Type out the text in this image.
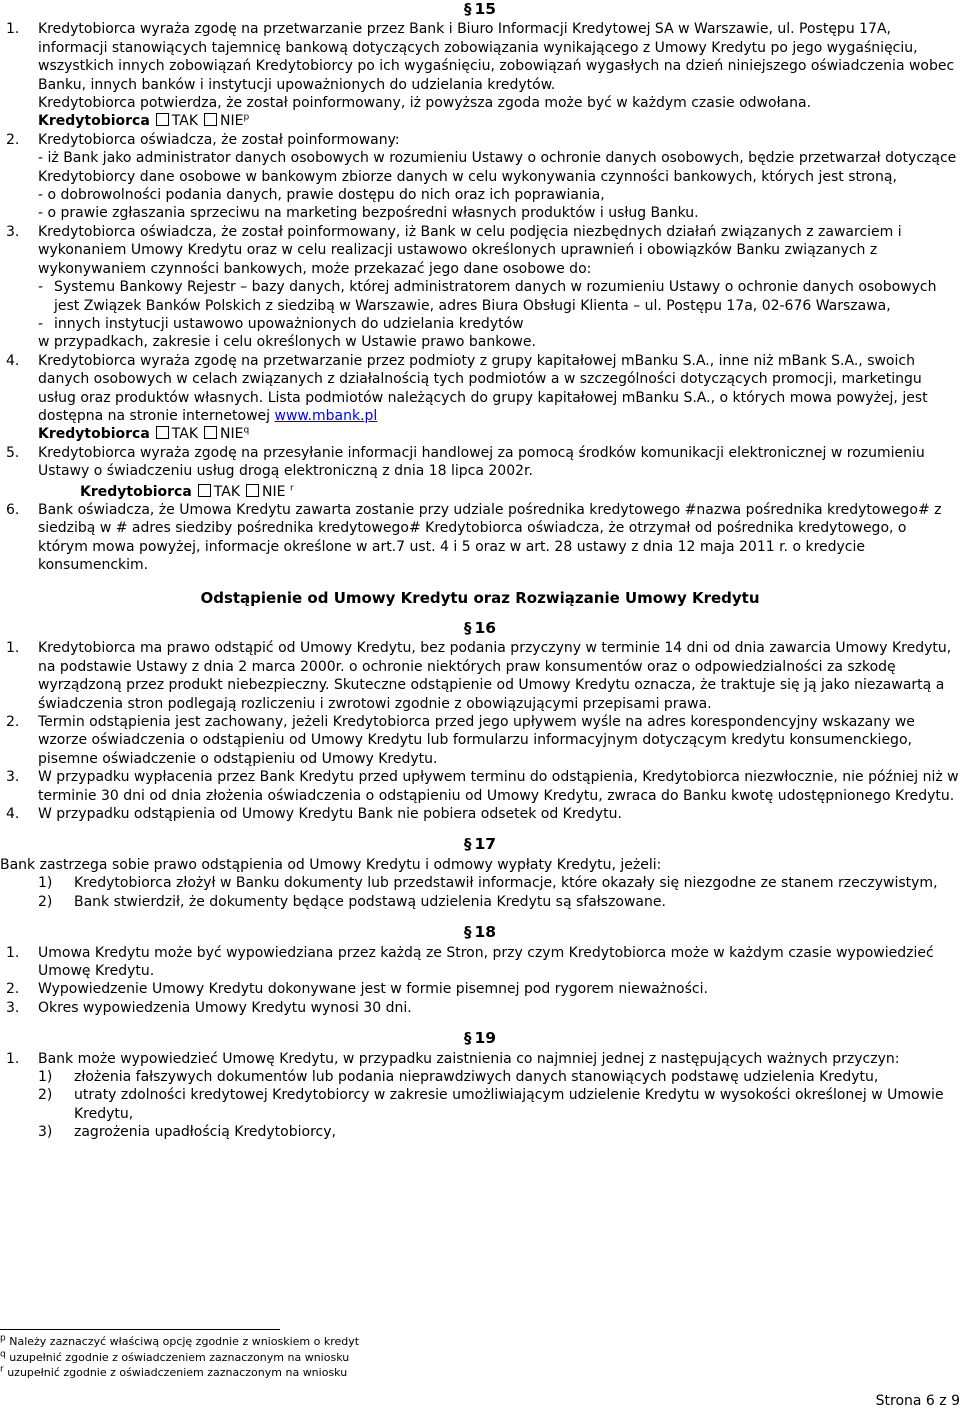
§ 15
1.	Kredytobiorca wyraża zgodę na przetwarzanie przez Bank i Biuro Informacji Kredytowej SA w Warszawie, ul. Postępu 17A, informacji stanowiących tajemnicę bankową dotyczących zobowiązania wynikającego z Umowy Kredytu po jego wygaśnięciu, wszystkich innych zobowiązań Kredytobiorcy po ich wygaśnięciu, zobowiązań wygasłych na dzień niniejszego oświadczenia wobec Banku, innych banków i instytucji upoważnionych do udzielania kredytów.

Kredytobiorca potwierdza, że został poinformowany, iż powyższa zgoda może być w każdym czasie odwołana.

Kredytobiorca TAK NIE$^p$

2.	Kredytobiorca oświadcza, że został poinformowany:

- iż Bank jako administrator danych osobowych w rozumieniu Ustawy o ochronie danych osobowych, będzie przetwarzał dotyczące Kredytobiorcy dane osobowe w bankowym zbiorze danych w celu wykonywania czynności bankowych, których jest stroną,

- o dobrowolności podania danych, prawie dostępu do nich oraz ich poprawiania,

- o prawie zgłaszania sprzeciwu na marketing bezpośredni własnych produktów i usług Banku.

3.	Kredytobiorca oświadcza, że został poinformowany, iż Bank w celu podjęcia niezbędnych działań związanych z zawarciem i wykonaniem Umowy Kredytu oraz w celu realizacji ustawowo określonych uprawnień i obowiązków Banku związanych z wykonywaniem czynności bankowych, może przekazać jego dane osobowe do:

- Systemu Bankowy Rejestr – bazy danych, której administratorem danych w rozumieniu Ustawy o ochronie danych osobowych jest Związek Banków Polskich z siedzibą w Warszawie, adres Biura Obsługi Klienta – ul. Postępu 17a, 02-676 Warszawa,

- innych instytucji ustawowo upoważnionych do udzielania kredytów

w przypadkach, zakresie i celu określonych w Ustawie prawo bankowe.

4.	Kredytobiorca wyraża zgodę na przetwarzanie przez podmioty z grupy kapitałowej mBanku S.A., inne niż mBank S.A., swoich danych osobowych w celach związanych z działalnością tych podmiotów a w szczególności dotyczących promocji, marketingu usług oraz produktów własnych. Lista podmiotów należących do grupy kapitałowej mBanku S.A., o których mowa powyżej, jest dostępna na stronie internetowej www.mbank.pl

Kredytobiorca TAK NIE$^q$

5.	Kredytobiorca wyraża zgodę na przesyłanie informacji handlowej za pomocą środków komunikacji elektronicznej w rozumieniu Ustawy o świadczeniu usług drogą elektroniczną z dnia 18 lipca 2002r.

Kredytobiorca TAK NIE $^r$

6.	Bank oświadcza, że Umowa Kredytu zawarta zostanie przy udziale pośrednika kredytowego #nazwa pośrednika kredytowego# z siedzibą w # adres siedziby pośrednika kredytowego# Kredytobiorca oświadcza, że otrzymał od pośrednika kredytowego, o którym mowa powyżej, informacje określone w art.7 ust. 4 i 5 oraz w art. 28 ustawy z dnia 12 maja 2011 r. o kredycie konsumenckim.

Odstąpienie od Umowy Kredytu oraz Rozwiązanie Umowy Kredytu
§ 16
1.	Kredytobiorca ma prawo odstąpić od Umowy Kredytu, bez podania przyczyny w terminie 14 dni od dnia zawarcia Umowy Kredytu, na podstawie Ustawy z dnia 2 marca 2000r. o ochronie niektórych praw konsumentów oraz o odpowiedzialności za szkodę wyrządzoną przez produkt niebezpieczny. Skuteczne odstąpienie od Umowy Kredytu oznacza, że traktuje się ją jako niezawartą a świadczenia stron podlegają rozliczeniu i zwrotowi zgodnie z obowiązującymi przepisami prawa.

2.	Termin odstąpienia jest zachowany, jeżeli Kredytobiorca przed jego upływem wyśle na adres korespondencyjny wskazany we wzorze oświadczenia o odstąpieniu od Umowy Kredytu lub formularzu informacyjnym dotyczącym kredytu konsumenckiego, pisemne oświadczenie o odstąpieniu od Umowy Kredytu.

3.	W przypadku wypłacenia przez Bank Kredytu przed upływem terminu do odstąpienia, Kredytobiorca niezwłocznie, nie później niż w terminie 30 dni od dnia złożenia oświadczenia o odstąpieniu od Umowy Kredytu, zwraca do Banku kwotę udostępnionego Kredytu.

4.	W przypadku odstąpienia od Umowy Kredytu Bank nie pobiera odsetek od Kredytu.

§ 17

Bank zastrzega sobie prawo odstąpienia od Umowy Kredytu i odmowy wypłaty Kredytu, jeżeli:

1)	Kredytobiorca złożył w Banku dokumenty lub przedstawił informacje, które okazały się niezgodne ze stanem rzeczywistym,

2)	Bank stwierdził, że dokumenty będące podstawą udzielenia Kredytu są sfałszowane.

§ 18
1.	Umowa Kredytu może być wypowiedziana przez każdą ze Stron, przy czym Kredytobiorca może w każdym czasie wypowiedzieć Umowę Kredytu.

2.	Wypowiedzenie Umowy Kredytu dokonywane jest w formie pisemnej pod rygorem nieważności.

3.	Okres wypowiedzenia Umowy Kredytu wynosi 30 dni.

§ 19
1.	Bank może wypowiedzieć Umowę Kredytu, w przypadku zaistnienia co najmniej jednej z następujących ważnych przyczyn:

1)	złożenia fałszywych dokumentów lub podania nieprawdziwych danych stanowiących podstawę udzielenia Kredytu,

2)	utraty zdolności kredytowej Kredytobiorcy w zakresie umożliwiającym udzielenie Kredytu w wysokości określonej w Umowie Kredytu,

3)	zagrożenia upadłością Kredytobiorcy,

$^p$ Należy zaznaczyć właściwą opcję zgodnie z wnioskiem o kredyt

$^q$ uzupełnić zgodnie z oświadczeniem zaznaczonym na wniosku

$^r$ uzupełnić zgodnie z oświadczeniem zaznaczonym na wniosku

Strona 6 z 9
